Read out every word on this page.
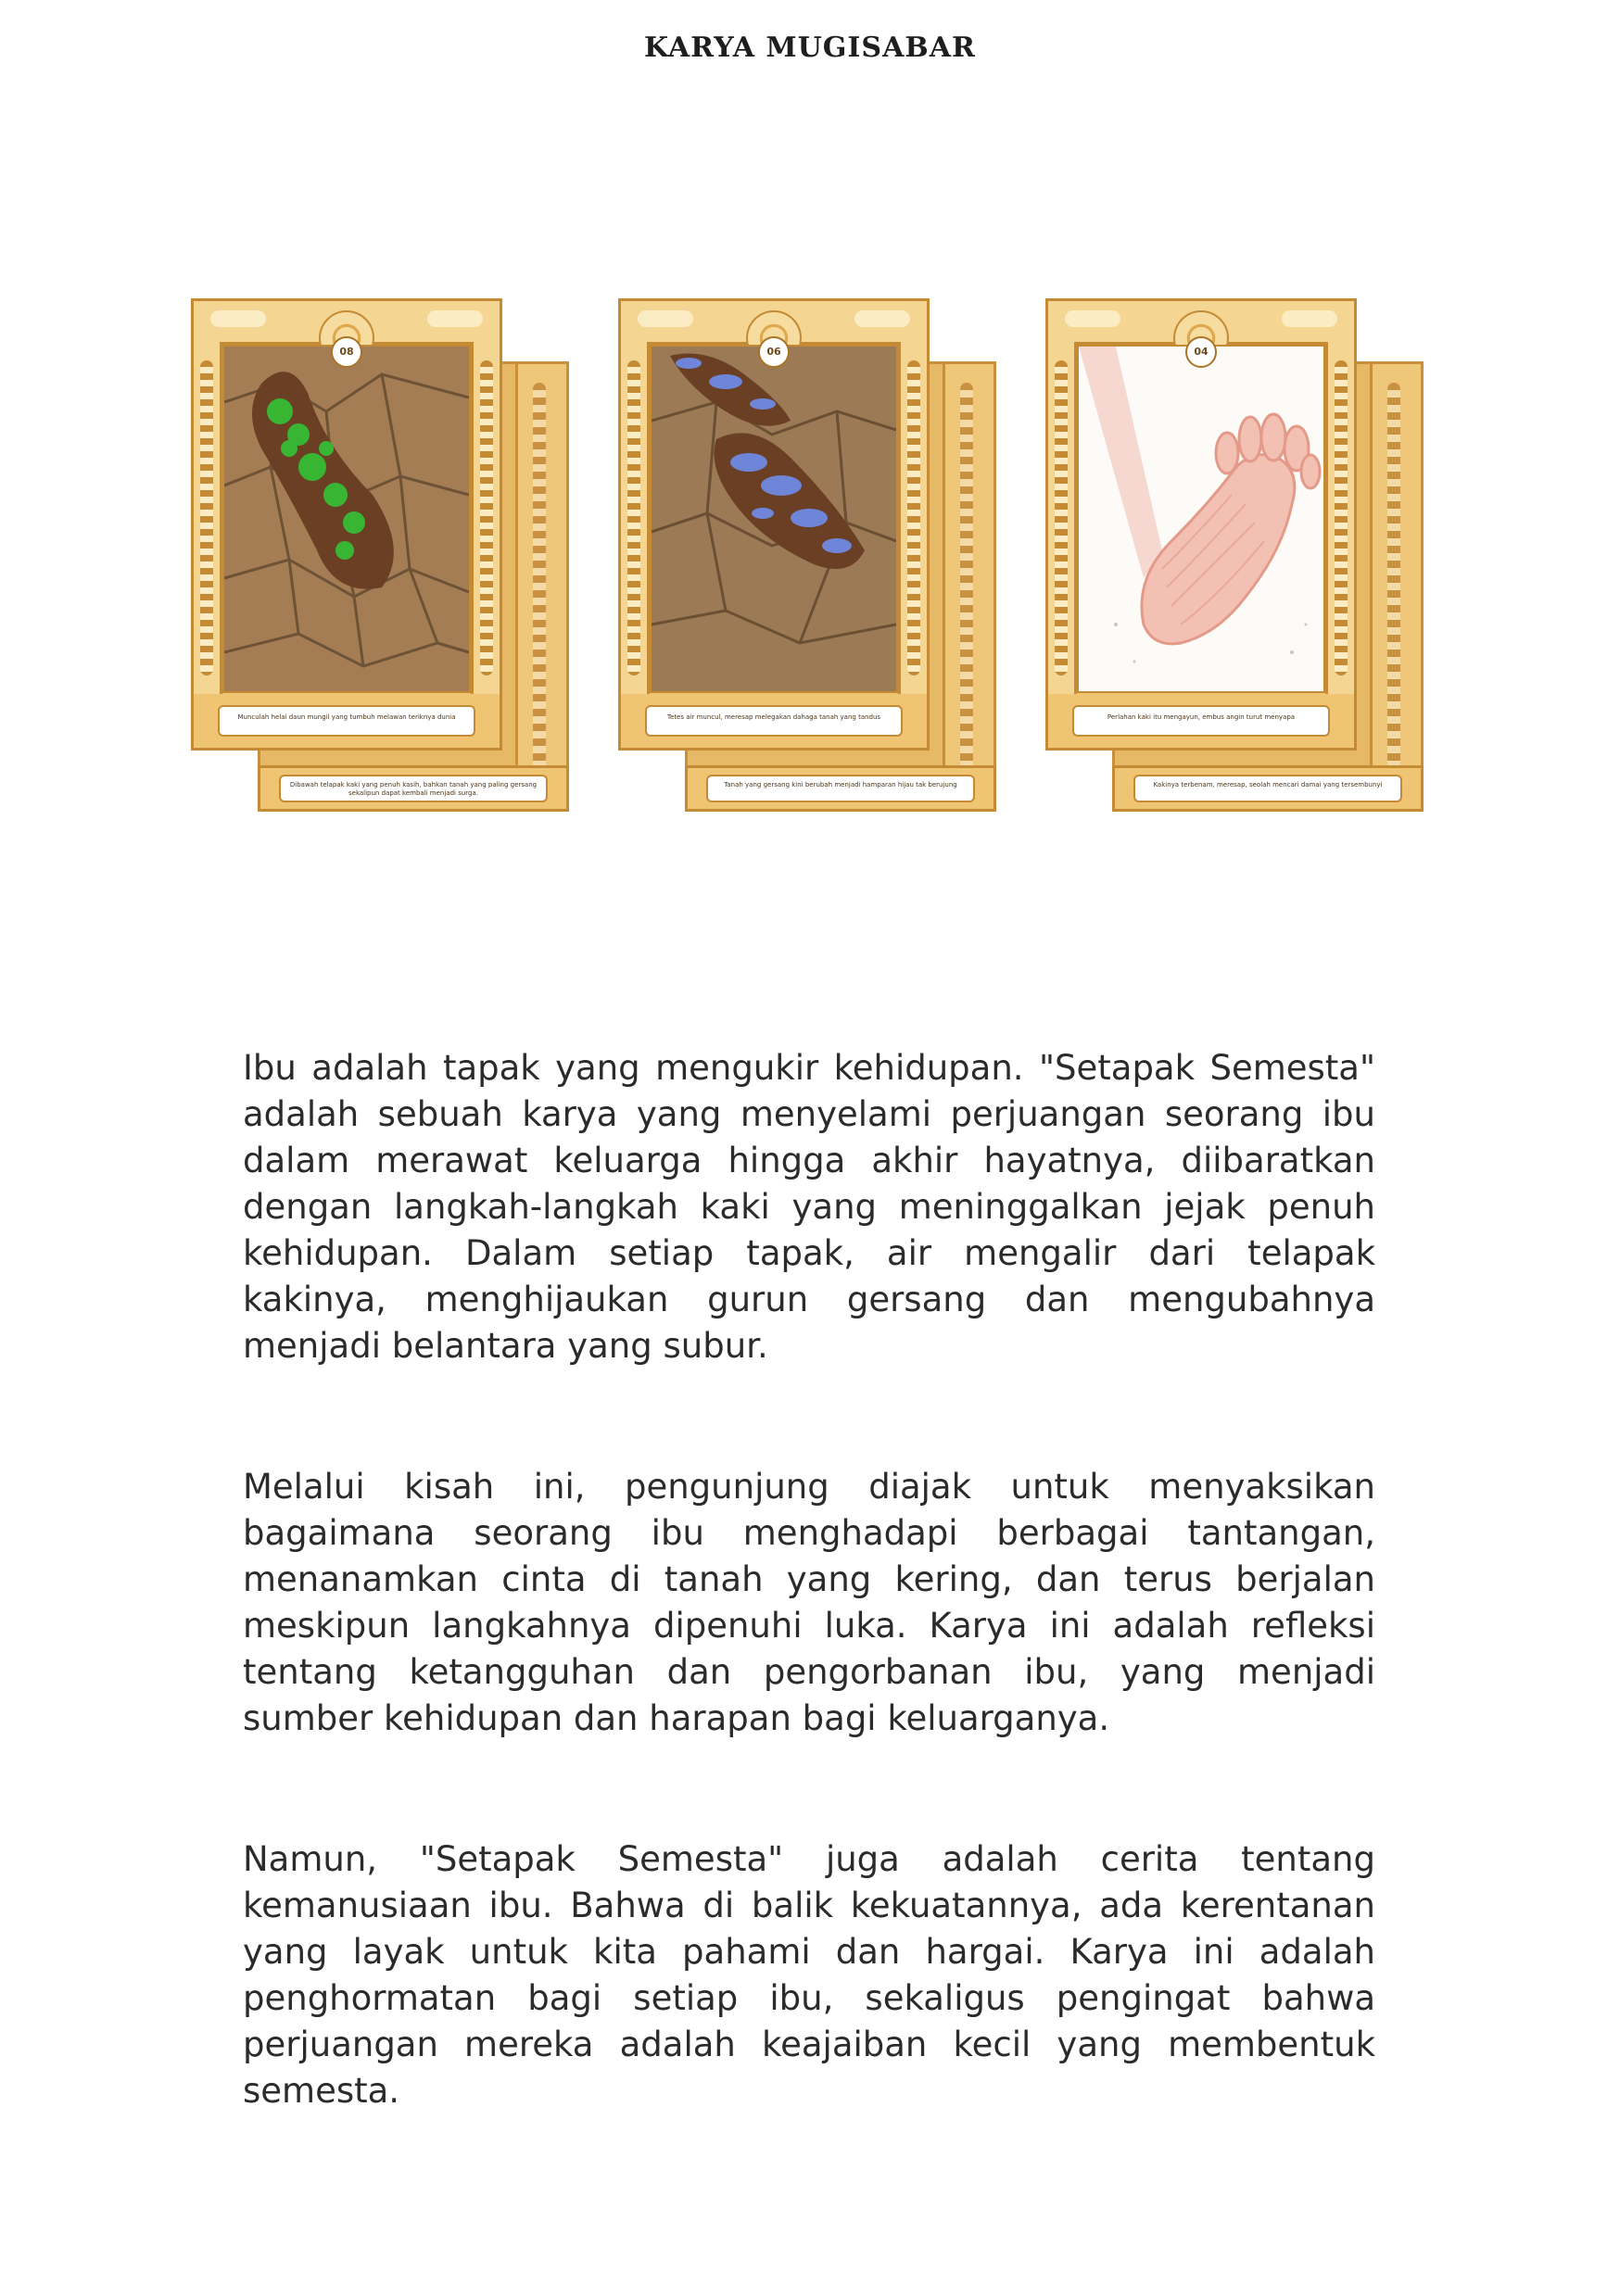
KARYA MUGISABAR
Dibawah telapak kaki yang penuh kasih, bahkan tanah yang paling gersang sekalipun dapat kembali menjadi surga.
08
Munculah helai daun mungil yang tumbuh melawan teriknya dunia
Tanah yang gersang kini berubah menjadi hamparan hijau tak berujung
06
Tetes air muncul, meresap melegakan dahaga tanah yang tandus
Kakinya terbenam, meresap, seolah mencari damai yang tersembunyi
04
Perlahan kaki itu mengayun, embus angin turut menyapa

Ibu adalah tapak yang mengukir kehidupan. "Setapak Semesta" adalah sebuah karya yang menyelami perjuangan seorang ibu dalam merawat keluarga hingga akhir hayatnya, diibaratkan dengan langkah-langkah kaki yang meninggalkan jejak penuh kehidupan. Dalam setiap tapak, air mengalir dari telapak kakinya, menghijaukan gurun gersang dan mengubahnya menjadi belantara yang subur.

Melalui kisah ini, pengunjung diajak untuk menyaksikan bagaimana seorang ibu menghadapi berbagai tantangan, menanamkan cinta di tanah yang kering, dan terus berjalan meskipun langkahnya dipenuhi luka. Karya ini adalah refleksi tentang ketangguhan dan pengorbanan ibu, yang menjadi sumber kehidupan dan harapan bagi keluarganya.

Namun, "Setapak Semesta" juga adalah cerita tentang kemanusiaan ibu. Bahwa di balik kekuatannya, ada kerentanan yang layak untuk kita pahami dan hargai. Karya ini adalah penghormatan bagi setiap ibu, sekaligus pengingat bahwa perjuangan mereka adalah keajaiban kecil yang membentuk semesta.
